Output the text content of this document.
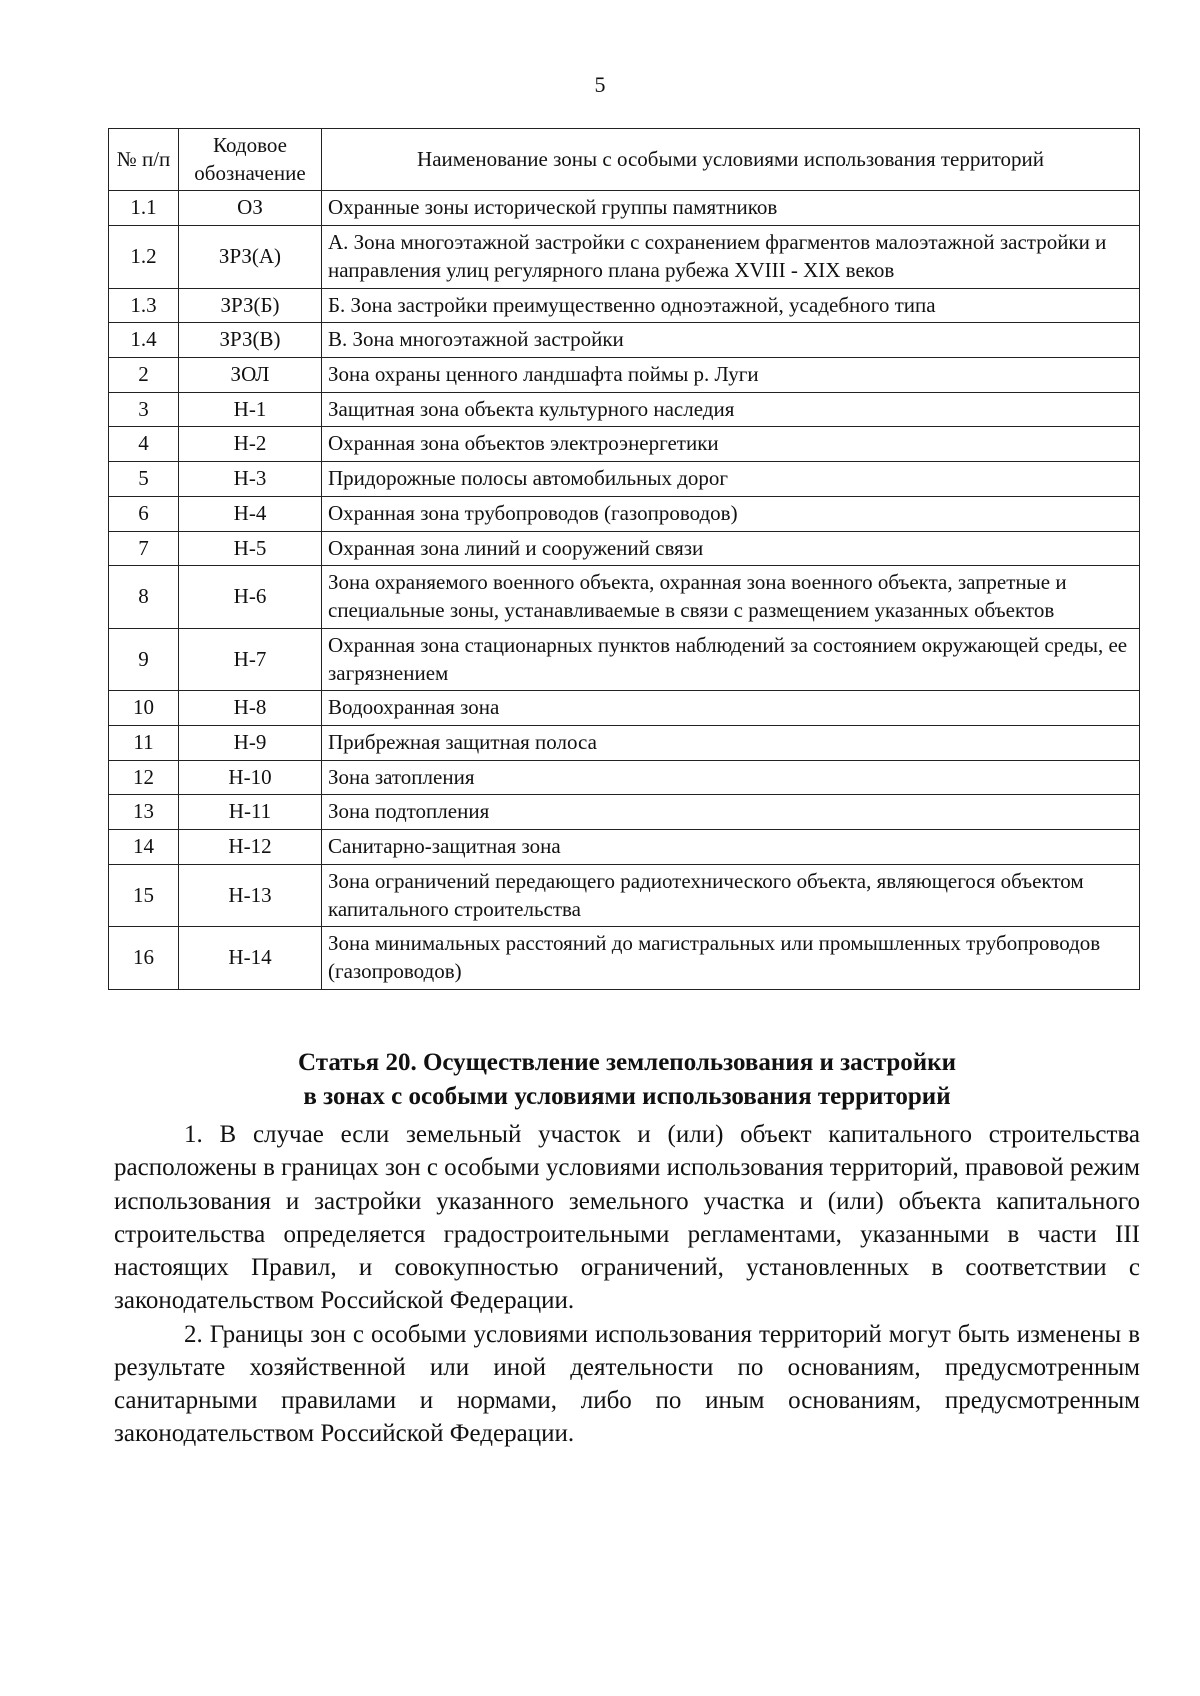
5
№ п/п	Кодовое обозначение	Наименование зоны с особыми условиями использования территорий
1.1	ОЗ	Охранные зоны исторической группы памятников
1.2	ЗРЗ(А)	А. Зона многоэтажной застройки с сохранением фрагментов малоэтажной застройки и направления улиц регулярного плана рубежа XVIII - XIX веков
1.3	ЗРЗ(Б)	Б. Зона застройки преимущественно одноэтажной, усадебного типа
1.4	ЗРЗ(В)	В. Зона многоэтажной застройки
2	ЗОЛ	Зона охраны ценного ландшафта поймы р. Луги
3	Н-1	Защитная зона объекта культурного наследия
4	Н-2	Охранная зона объектов электроэнергетики
5	Н-3	Придорожные полосы автомобильных дорог
6	Н-4	Охранная зона трубопроводов (газопроводов)
7	Н-5	Охранная зона линий и сооружений связи
8	Н-6	Зона охраняемого военного объекта, охранная зона военного объекта, запретные и специальные зоны, устанавливаемые в связи с размещением указанных объектов
9	Н-7	Охранная зона стационарных пунктов наблюдений за состоянием окружающей среды, ее загрязнением
10	Н-8	Водоохранная зона
11	Н-9	Прибрежная защитная полоса
12	Н-10	Зона затопления
13	Н-11	Зона подтопления
14	Н-12	Санитарно-защитная зона
15	Н-13	Зона ограничений передающего радиотехнического объекта, являющегося объектом капитального строительства
16	Н-14	Зона минимальных расстояний до магистральных или промышленных трубопроводов (газопроводов)
Статья 20. Осуществление землепользования и застройки
в зонах с особыми условиями использования территорий

1. В случае если земельный участок и (или) объект капитального строительства расположены в границах зон с особыми условиями использования территорий, правовой режим использования и застройки указанного земельного участка и (или) объекта капитального строительства определяется градостроительными регламентами, указанными в части III настоящих Правил, и совокупностью ограничений, установленных в соответствии с законодательством Российской Федерации.

2. Границы зон с особыми условиями использования территорий могут быть изменены в результате хозяйственной или иной деятельности по основаниям, предусмотренным санитарными правилами и нормами, либо по иным основаниям, предусмотренным законодательством Российской Федерации.
